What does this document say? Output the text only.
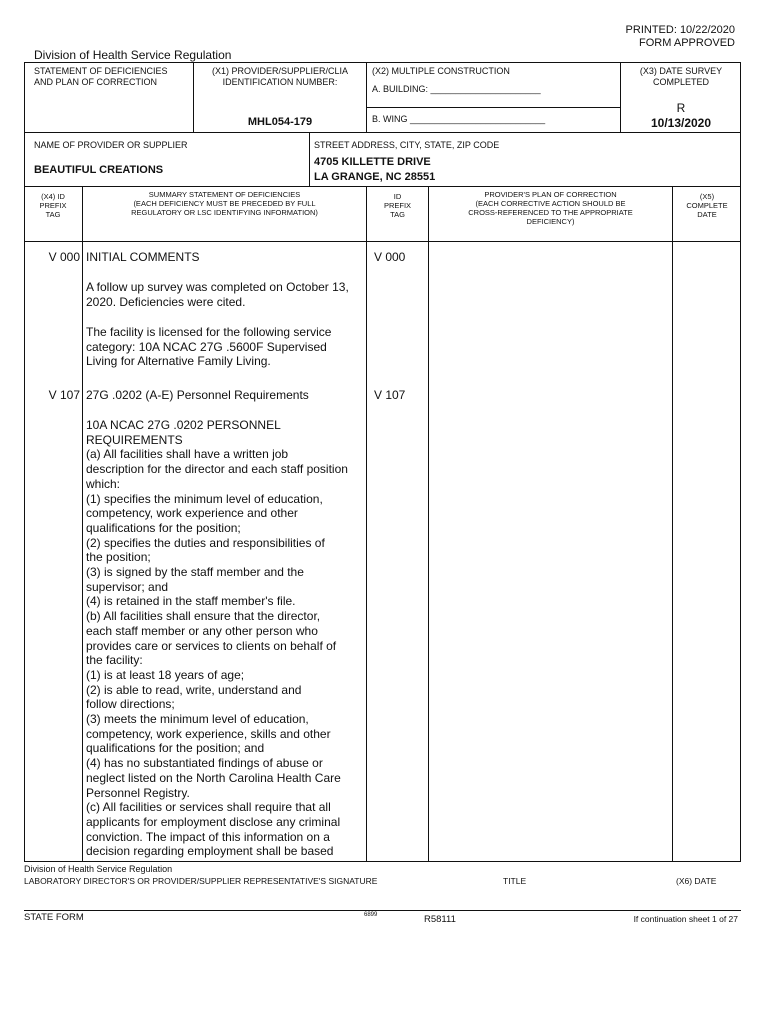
PRINTED: 10/22/2020
FORM APPROVED
Division of Health Service Regulation
STATEMENT OF DEFICIENCIES
AND PLAN OF CORRECTION
(X1) PROVIDER/SUPPLIER/CLIA
IDENTIFICATION NUMBER:
MHL054-179
(X2) MULTIPLE CONSTRUCTION
A. BUILDING: ______________________
B. WING ___________________________
(X3) DATE SURVEY
COMPLETED
R
10/13/2020
NAME OF PROVIDER OR SUPPLIER
BEAUTIFUL CREATIONS
STREET ADDRESS, CITY, STATE, ZIP CODE
4705 KILLETTE DRIVE
LA GRANGE, NC 28551
(X4) ID
PREFIX
TAG
SUMMARY STATEMENT OF DEFICIENCIES
(EACH DEFICIENCY MUST BE PRECEDED BY FULL
REGULATORY OR LSC IDENTIFYING INFORMATION)
ID
PREFIX
TAG
PROVIDER'S PLAN OF CORRECTION
(EACH CORRECTIVE ACTION SHOULD BE
CROSS-REFERENCED TO THE APPROPRIATE
DEFICIENCY)
(X5)
COMPLETE
DATE
V 000 INITIAL COMMENTS	V 000
A follow up survey was completed on October 13,
2020. Deficiencies were cited.
The facility is licensed for the following service
category: 10A NCAC 27G .5600F Supervised
Living for Alternative Family Living.
V 107 27G .0202 (A-E) Personnel Requirements	V 107
10A NCAC 27G .0202 PERSONNEL
REQUIREMENTS
(a) All facilities shall have a written job
description for the director and each staff position
which:
(1) specifies the minimum level of education,
competency, work experience and other
qualifications for the position;
(2) specifies the duties and responsibilities of
the position;
(3) is signed by the staff member and the
supervisor; and
(4) is retained in the staff member's file.
(b) All facilities shall ensure that the director,
each staff member or any other person who
provides care or services to clients on behalf of
the facility:
(1) is at least 18 years of age;
(2) is able to read, write, understand and
follow directions;
(3) meets the minimum level of education,
competency, work experience, skills and other
qualifications for the position; and
(4) has no substantiated findings of abuse or
neglect listed on the North Carolina Health Care
Personnel Registry.
(c) All facilities or services shall require that all
applicants for employment disclose any criminal
conviction. The impact of this information on a
decision regarding employment shall be based
Division of Health Service Regulation
LABORATORY DIRECTOR'S OR PROVIDER/SUPPLIER REPRESENTATIVE'S SIGNATURE	TITLE	(X6) DATE
STATE FORM	6899	R58111	If continuation sheet 1 of 27
